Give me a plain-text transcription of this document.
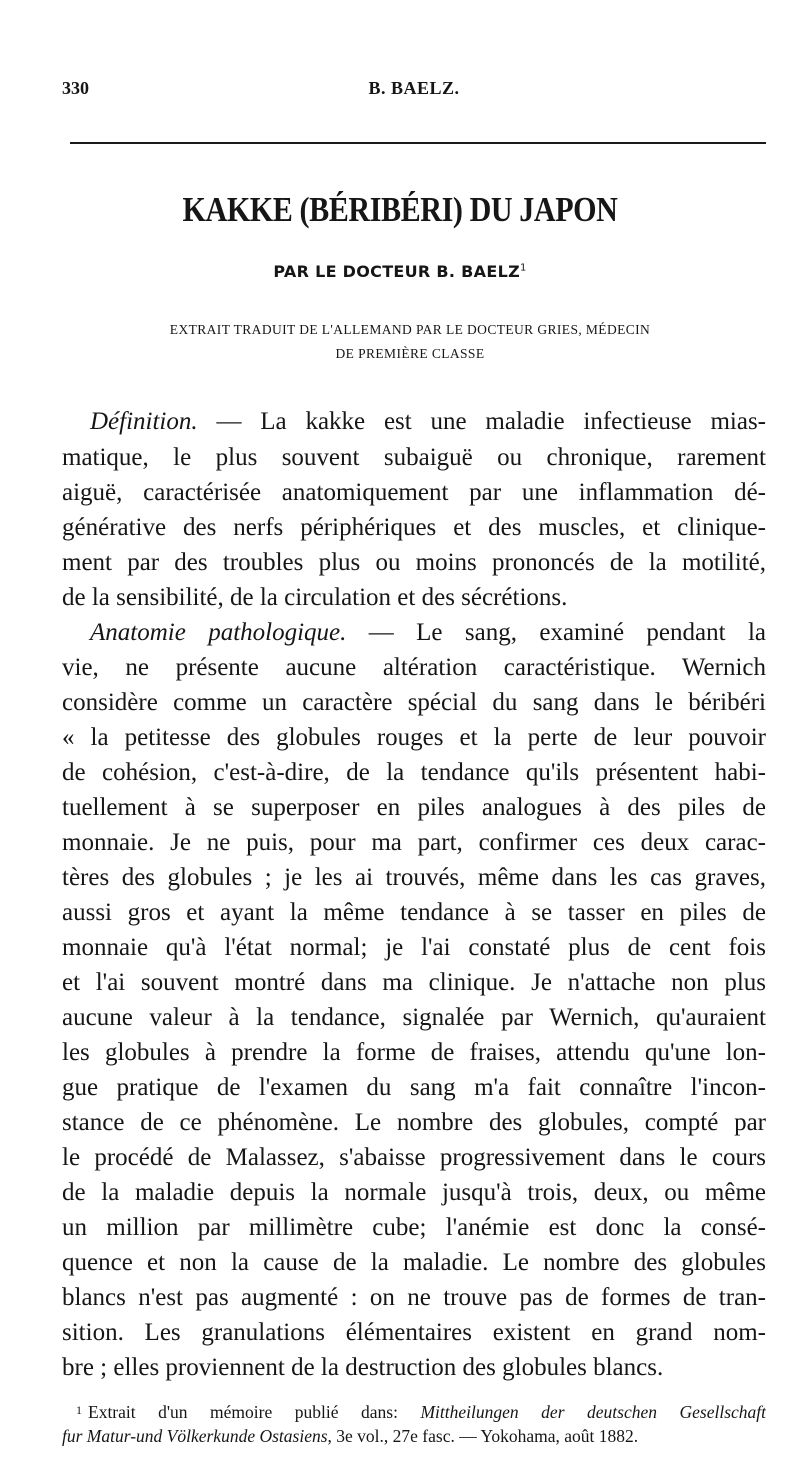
330	B. BAELZ.
KAKKE (BÉRIBÉRI) DU JAPON
PAR LE DOCTEUR B. BAELZ$^1$
EXTRAIT TRADUIT DE L'ALLEMAND PAR LE DOCTEUR GRIES, MÉDECIN
DE PREMIÈRE CLASSE
Définition. — La kakke est une maladie infectieuse mias-
matique, le plus souvent subaiguë ou chronique, rarement
aiguë, caractérisée anatomiquement par une inflammation dé-
générative des nerfs périphériques et des muscles, et clinique-
ment par des troubles plus ou moins prononcés de la motilité,
de la sensibilité, de la circulation et des sécrétions.
Anatomie pathologique. — Le sang, examiné pendant la
vie, ne présente aucune altération caractéristique. Wernich
considère comme un caractère spécial du sang dans le béribéri
« la petitesse des globules rouges et la perte de leur pouvoir
de cohésion, c'est-à-dire, de la tendance qu'ils présentent habi-
tuellement à se superposer en piles analogues à des piles de
monnaie. Je ne puis, pour ma part, confirmer ces deux carac-
tères des globules ; je les ai trouvés, même dans les cas graves,
aussi gros et ayant la même tendance à se tasser en piles de
monnaie qu'à l'état normal; je l'ai constaté plus de cent fois
et l'ai souvent montré dans ma clinique. Je n'attache non plus
aucune valeur à la tendance, signalée par Wernich, qu'auraient
les globules à prendre la forme de fraises, attendu qu'une lon-
gue pratique de l'examen du sang m'a fait connaître l'incon-
stance de ce phénomène. Le nombre des globules, compté par
le procédé de Malassez, s'abaisse progressivement dans le cours
de la maladie depuis la normale jusqu'à trois, deux, ou même
un million par millimètre cube; l'anémie est donc la consé-
quence et non la cause de la maladie. Le nombre des globules
blancs n'est pas augmenté : on ne trouve pas de formes de tran-
sition. Les granulations élémentaires existent en grand nom-
bre ; elles proviennent de la destruction des globules blancs.
$^1$ Extrait d'un mémoire publié dans: Mittheilungen der deutschen Gesellschaft
fur Matur-und Völkerkunde Ostasiens, 3e vol., 27e fasc. — Yokohama, août 1882.
